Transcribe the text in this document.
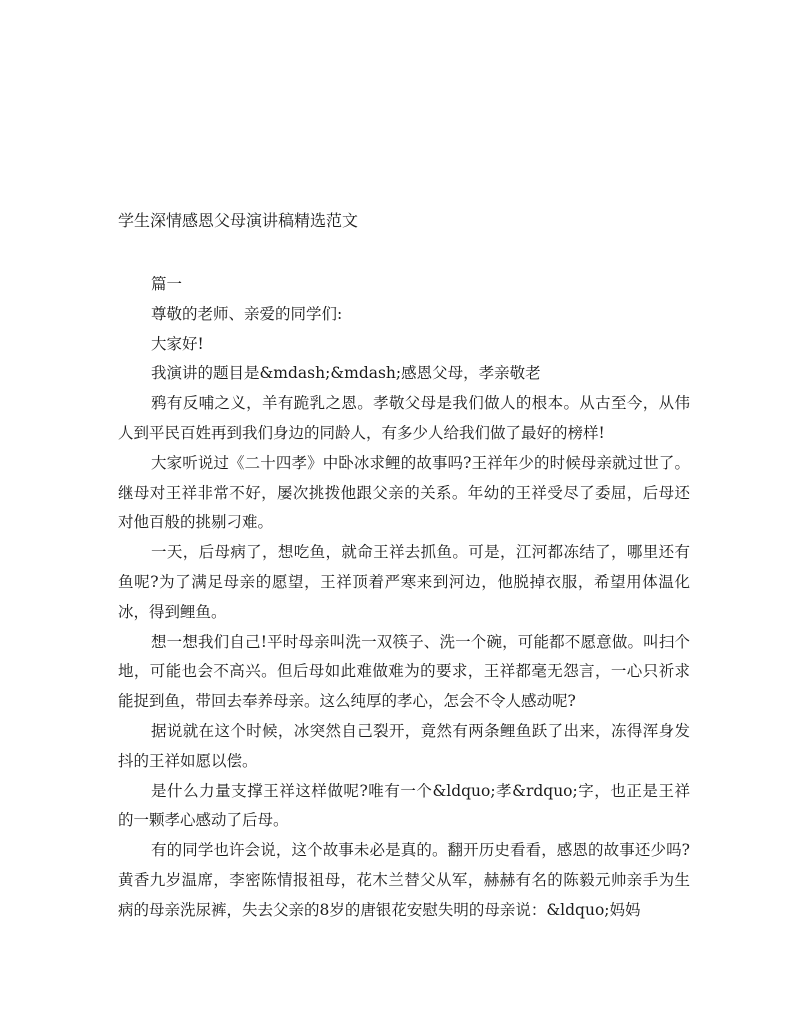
学生深情感恩父母演讲稿精选范文

篇一

尊敬的老师、亲爱的同学们:

大家好!

我演讲的题目是&mdash;&mdash;感恩父母，孝亲敬老

鸦有反哺之义，羊有跪乳之恩。孝敬父母是我们做人的根本。从古至今，从伟人到平民百姓再到我们身边的同龄人，有多少人给我们做了最好的榜样!

大家听说过《二十四孝》中卧冰求鲤的故事吗?王祥年少的时候母亲就过世了。继母对王祥非常不好，屡次挑拨他跟父亲的关系。年幼的王祥受尽了委屈，后母还对他百般的挑剔刁难。

一天，后母病了，想吃鱼，就命王祥去抓鱼。可是，江河都冻结了，哪里还有鱼呢?为了满足母亲的愿望，王祥顶着严寒来到河边，他脱掉衣服，希望用体温化冰，得到鲤鱼。

想一想我们自己!平时母亲叫洗一双筷子、洗一个碗，可能都不愿意做。叫扫个地，可能也会不高兴。但后母如此难做难为的要求，王祥都毫无怨言，一心只祈求能捉到鱼，带回去奉养母亲。这么纯厚的孝心，怎会不令人感动呢?

据说就在这个时候，冰突然自己裂开，竟然有两条鲤鱼跃了出来，冻得浑身发抖的王祥如愿以偿。

是什么力量支撑王祥这样做呢?唯有一个&ldquo;孝&rdquo;字，也正是王祥的一颗孝心感动了后母。

有的同学也许会说，这个故事未必是真的。翻开历史看看，感恩的故事还少吗?黄香九岁温席，李密陈情报祖母，花木兰替父从军，赫赫有名的陈毅元帅亲手为生病的母亲洗尿裤，失去父亲的8岁的唐银花安慰失明的母亲说：&ldquo;妈妈
